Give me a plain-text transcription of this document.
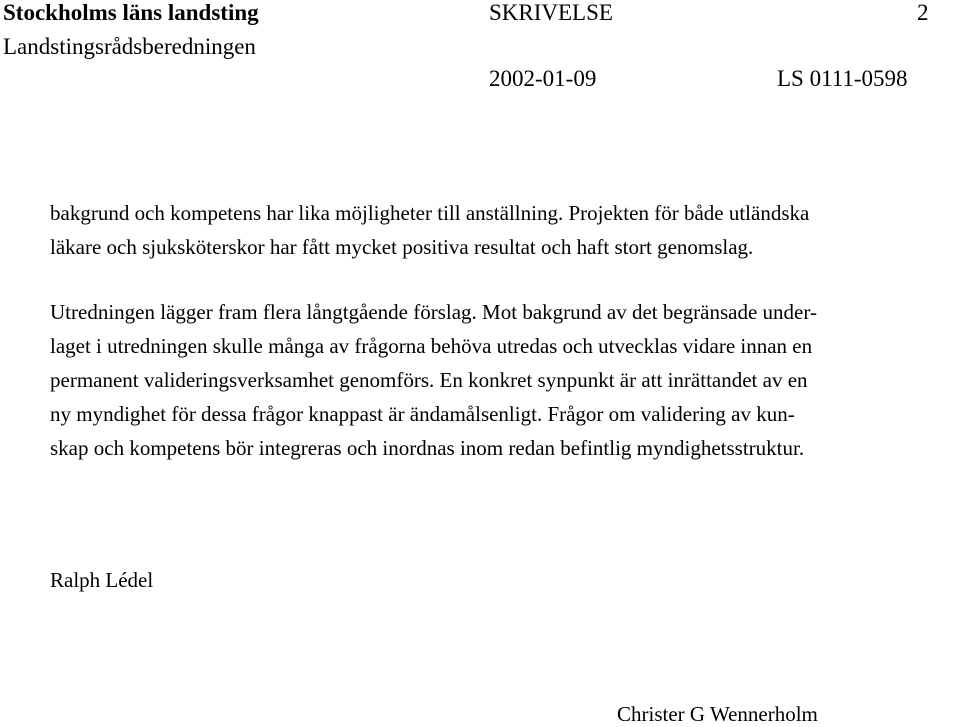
Stockholms läns landsting
Landstingsrådsberedningen
SKRIVELSE	2
2002-01-09	LS 0111-0598
bakgrund och kompetens har lika möjligheter till anställning. Projekten för både utländska
läkare och sjuksköterskor har fått mycket positiva resultat och haft stort genomslag.
Utredningen lägger fram flera långtgående förslag. Mot bakgrund av det begränsade under-
laget i utredningen skulle många av frågorna behöva utredas och utvecklas vidare innan en
permanent valideringsverksamhet genomförs. En konkret synpunkt är att inrättandet av en
ny myndighet för dessa frågor knappast är ändamålsenligt. Frågor om validering av kun-
skap och kompetens bör integreras och inordnas inom redan befintlig myndighetsstruktur.
Ralph Lédel
Christer G Wennerholm
